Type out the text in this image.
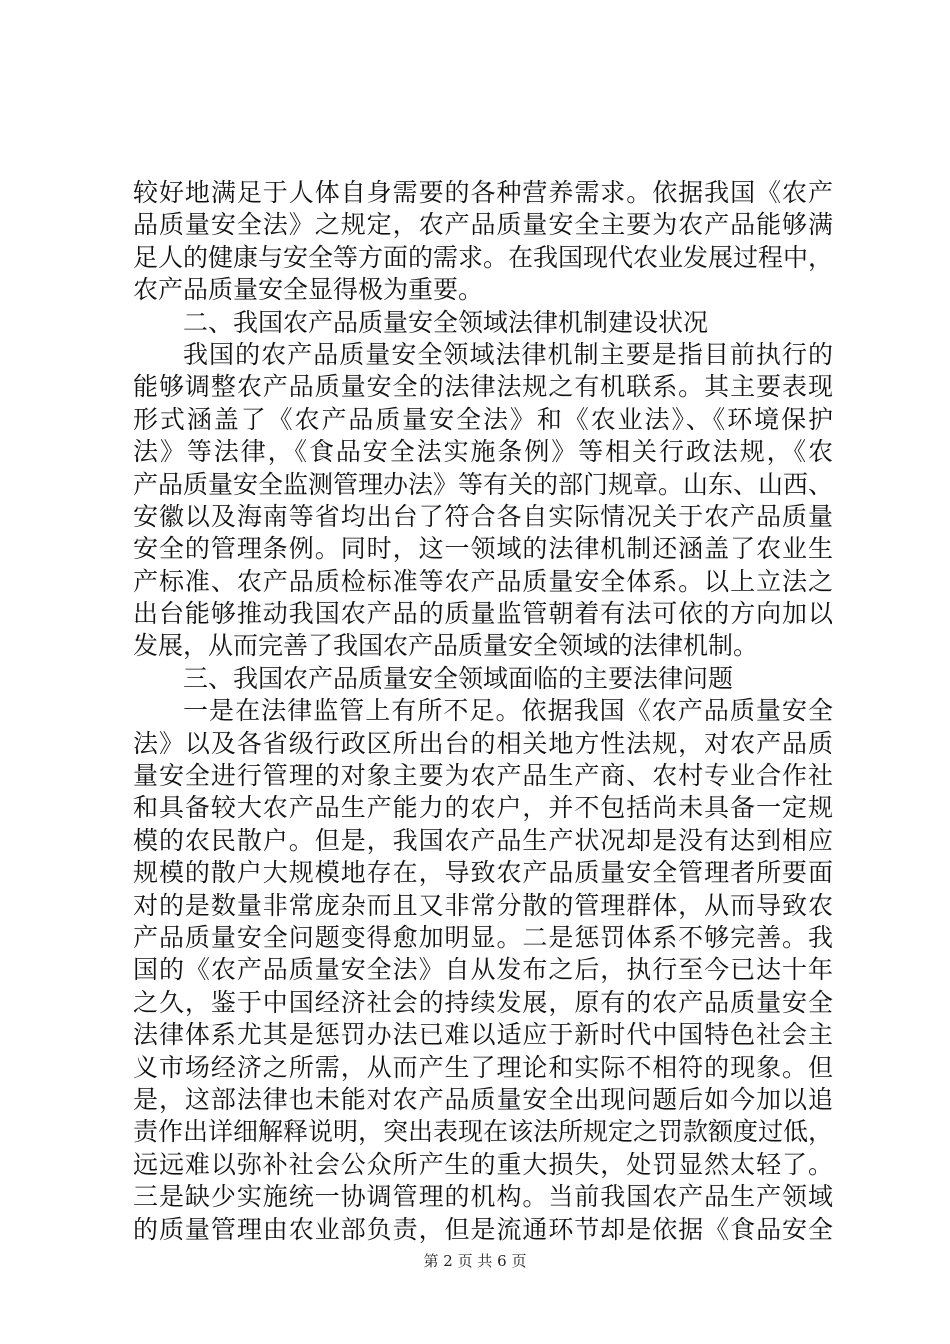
较好地满足于人体自身需要的各种营养需求。依据我国《农产
品质量安全法》之规定，农产品质量安全主要为农产品能够满
足人的健康与安全等方面的需求。在我国现代农业发展过程中，
农产品质量安全显得极为重要。
二、我国农产品质量安全领域法律机制建设状况
我国的农产品质量安全领域法律机制主要是指目前执行的
能够调整农产品质量安全的法律法规之有机联系。其主要表现
形式涵盖了《农产品质量安全法》和《农业法》、《环境保护
法》等法律，《食品安全法实施条例》等相关行政法规，《农
产品质量安全监测管理办法》等有关的部门规章。山东、山西、
安徽以及海南等省均出台了符合各自实际情况关于农产品质量
安全的管理条例。同时，这一领域的法律机制还涵盖了农业生
产标准、农产品质检标准等农产品质量安全体系。以上立法之
出台能够推动我国农产品的质量监管朝着有法可依的方向加以
发展，从而完善了我国农产品质量安全领域的法律机制。
三、我国农产品质量安全领域面临的主要法律问题
一是在法律监管上有所不足。依据我国《农产品质量安全
法》以及各省级行政区所出台的相关地方性法规，对农产品质
量安全进行管理的对象主要为农产品生产商、农村专业合作社
和具备较大农产品生产能力的农户，并不包括尚未具备一定规
模的农民散户。但是，我国农产品生产状况却是没有达到相应
规模的散户大规模地存在，导致农产品质量安全管理者所要面
对的是数量非常庞杂而且又非常分散的管理群体，从而导致农
产品质量安全问题变得愈加明显。二是惩罚体系不够完善。我
国的《农产品质量安全法》自从发布之后，执行至今已达十年
之久，鉴于中国经济社会的持续发展，原有的农产品质量安全
法律体系尤其是惩罚办法已难以适应于新时代中国特色社会主
义市场经济之所需，从而产生了理论和实际不相符的现象。但
是，这部法律也未能对农产品质量安全出现问题后如今加以追
责作出详细解释说明，突出表现在该法所规定之罚款额度过低，
远远难以弥补社会公众所产生的重大损失，处罚显然太轻了。
三是缺少实施统一协调管理的机构。当前我国农产品生产领域
的质量管理由农业部负责，但是流通环节却是依据《食品安全
第 2 页 共 6 页
